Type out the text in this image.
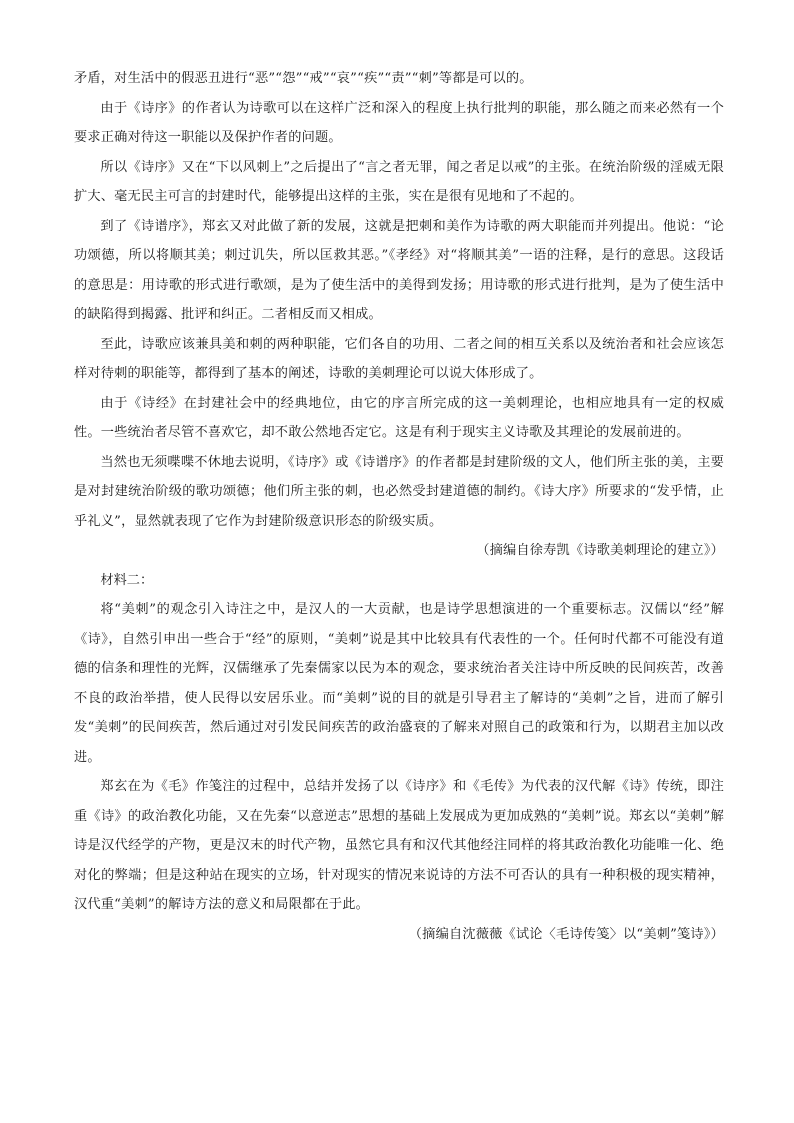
矛盾，对生活中的假恶丑进行“恶”“怨”“戒”“哀”“疾”“责”“刺”等都是可以的。

由于《诗序》的作者认为诗歌可以在这样广泛和深入的程度上执行批判的职能，那么随之而来必然有一个要求正确对待这一职能以及保护作者的问题。

所以《诗序》又在“下以风刺上”之后提出了“言之者无罪，闻之者足以戒”的主张。在统治阶级的淫威无限扩大、毫无民主可言的封建时代，能够提出这样的主张，实在是很有见地和了不起的。

到了《诗谱序》，郑玄又对此做了新的发展，这就是把刺和美作为诗歌的两大职能而并列提出。他说：“论功颂德，所以将顺其美；刺过讥失，所以匡救其恶。”《孝经》对“将顺其美”一语的注释，是行的意思。这段话的意思是：用诗歌的形式进行歌颂，是为了使生活中的美得到发扬；用诗歌的形式进行批判，是为了使生活中的缺陷得到揭露、批评和纠正。二者相反而又相成。

至此，诗歌应该兼具美和刺的两种职能，它们各自的功用、二者之间的相互关系以及统治者和社会应该怎样对待刺的职能等，都得到了基本的阐述，诗歌的美刺理论可以说大体形成了。

由于《诗经》在封建社会中的经典地位，由它的序言所完成的这一美刺理论，也相应地具有一定的权威性。一些统治者尽管不喜欢它，却不敢公然地否定它。这是有利于现实主义诗歌及其理论的发展前进的。

当然也无须喋喋不休地去说明，《诗序》或《诗谱序》的作者都是封建阶级的文人，他们所主张的美，主要是对封建统治阶级的歌功颂德；他们所主张的刺，也必然受封建道德的制约。《诗大序》所要求的“发乎情，止乎礼义”，显然就表现了它作为封建阶级意识形态的阶级实质。

（摘编自徐寿凯《诗歌美刺理论的建立》）

材料二：

将“美刺”的观念引入诗注之中，是汉人的一大贡献，也是诗学思想演进的一个重要标志。汉儒以“经”解《诗》，自然引申出一些合于“经”的原则，“美刺”说是其中比较具有代表性的一个。任何时代都不可能没有道德的信条和理性的光辉，汉儒继承了先秦儒家以民为本的观念，要求统治者关注诗中所反映的民间疾苦，改善不良的政治举措，使人民得以安居乐业。而“美刺”说的目的就是引导君主了解诗的“美刺”之旨，进而了解引发“美刺”的民间疾苦，然后通过对引发民间疾苦的政治盛衰的了解来对照自己的政策和行为，以期君主加以改进。

郑玄在为《毛》作笺注的过程中，总结并发扬了以《诗序》和《毛传》为代表的汉代解《诗》传统，即注重《诗》的政治教化功能，又在先秦“以意逆志”思想的基础上发展成为更加成熟的“美刺”说。郑玄以“美刺”解诗是汉代经学的产物，更是汉末的时代产物，虽然它具有和汉代其他经注同样的将其政治教化功能唯一化、绝对化的弊端；但是这种站在现实的立场，针对现实的情况来说诗的方法不可否认的具有一种积极的现实精神，汉代重“美刺”的解诗方法的意义和局限都在于此。

（摘编自沈薇薇《试论〈毛诗传笺〉以“美刺”笺诗》）
